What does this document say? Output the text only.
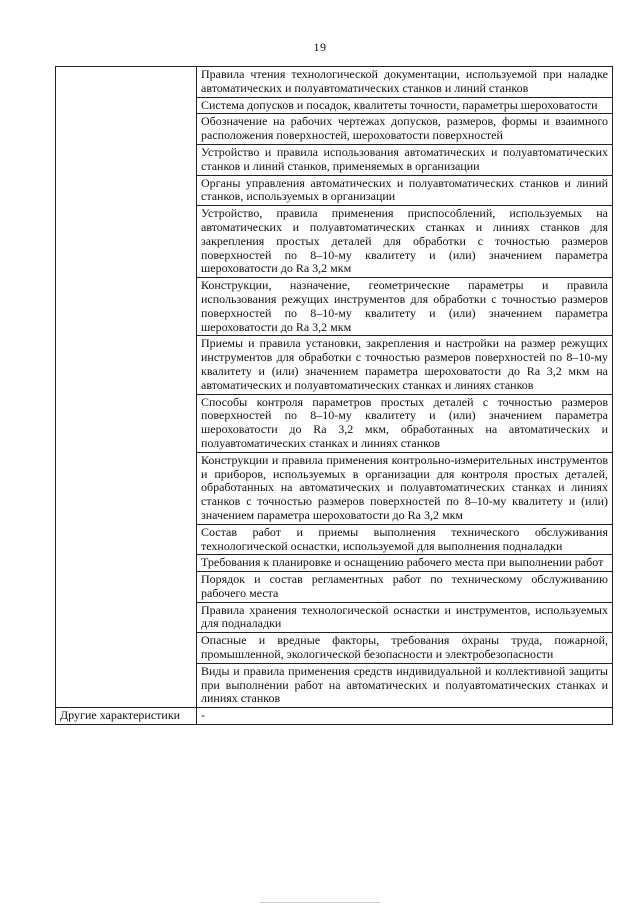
19
	Правила чтения технологической документации, используемой при наладке автоматических и полуавтоматических станков и линий станков
	Система допусков и посадок, квалитеты точности, параметры шероховатости
	Обозначение на рабочих чертежах допусков, размеров, формы и взаимного расположения поверхностей, шероховатости поверхностей
	Устройство и правила использования автоматических и полуавтоматических станков и линий станков, применяемых в организации
	Органы управления автоматических и полуавтоматических станков и линий станков, используемых в организации
	Устройство, правила применения приспособлений, используемых на автоматических и полуавтоматических станках и линиях станков для закрепления простых деталей для обработки с точностью размеров поверхностей по 8–10-му квалитету и (или) значением параметра шероховатости до Ra 3,2 мкм
	Конструкции, назначение, геометрические параметры и правила использования режущих инструментов для обработки с точностью размеров поверхностей по 8–10-му квалитету и (или) значением параметра шероховатости до Ra 3,2 мкм
	Приемы и правила установки, закрепления и настройки на размер режущих инструментов для обработки с точностью размеров поверхностей по 8–10-му квалитету и (или) значением параметра шероховатости до Ra 3,2 мкм на автоматических и полуавтоматических станках и линиях станков
	Способы контроля параметров простых деталей с точностью размеров поверхностей по 8–10-му квалитету и (или) значением параметра шероховатости до Ra 3,2 мкм, обработанных на автоматических и полуавтоматических станках и линиях станков
	Конструкции и правила применения контрольно-измерительных инструментов и приборов, используемых в организации для контроля простых деталей, обработанных на автоматических и полуавтоматических станках и линиях станков с точностью размеров поверхностей по 8–10-му квалитету и (или) значением параметра шероховатости до Ra 3,2 мкм
	Состав работ и приемы выполнения технического обслуживания технологической оснастки, используемой для выполнения подналадки
	Требования к планировке и оснащению рабочего места при выполнении работ
	Порядок и состав регламентных работ по техническому обслуживанию рабочего места
	Правила хранения технологической оснастки и инструментов, используемых для подналадки
	Опасные и вредные факторы, требования охраны труда, пожарной, промышленной, экологической безопасности и электробезопасности
	Виды и правила применения средств индивидуальной и коллективной защиты при выполнении работ на автоматических и полуавтоматических станках и линиях станков
Другие характеристики	-
